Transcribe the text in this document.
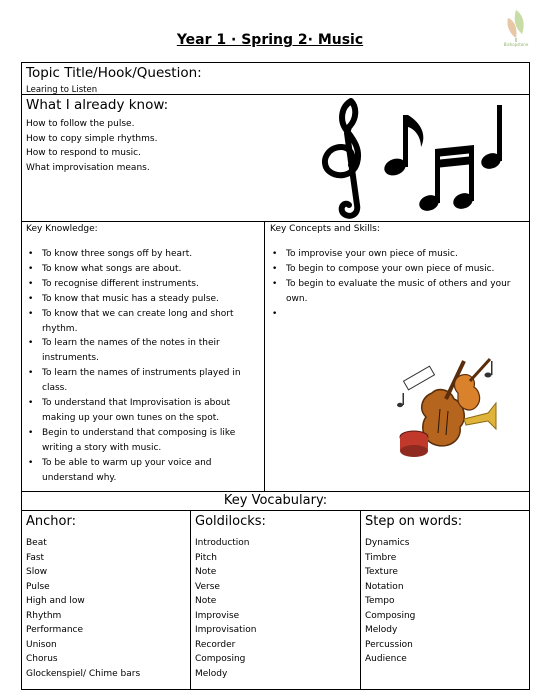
Year 1 · Spring 2· Music	Bishopstone
Topic Title/Hook/Question:
Learing to Listen
What I already know:
How to follow the pulse.
How to copy simple rhythms.
How to respond to music.
What improvisation means.
Key Knowledge:
• To know three songs off by heart.
• To know what songs are about.
• To recognise different instruments.
• To know that music has a steady pulse.
• To know that we can create long and short rhythm.
• To learn the names of the notes in their instruments.
• To learn the names of instruments played in class.
• To understand that Improvisation is about making up your own tunes on the spot.
• Begin to understand that composing is like writing a story with music.
• To be able to warm up your voice and understand why.
Key Concepts and Skills:
• To improvise your own piece of music.
• To begin to compose your own piece of music.
• To begin to evaluate the music of others and your own.
•
Key Vocabulary:
Anchor:
Beat
Fast
Slow
Pulse
High and low
Rhythm
Performance
Unison
Chorus
Glockenspiel/ Chime bars
Goldilocks:
Introduction
Pitch
Note
Verse
Note
Improvise
Improvisation
Recorder
Composing
Melody
Step on words:
Dynamics
Timbre
Texture
Notation
Tempo
Composing
Melody
Percussion
Audience
